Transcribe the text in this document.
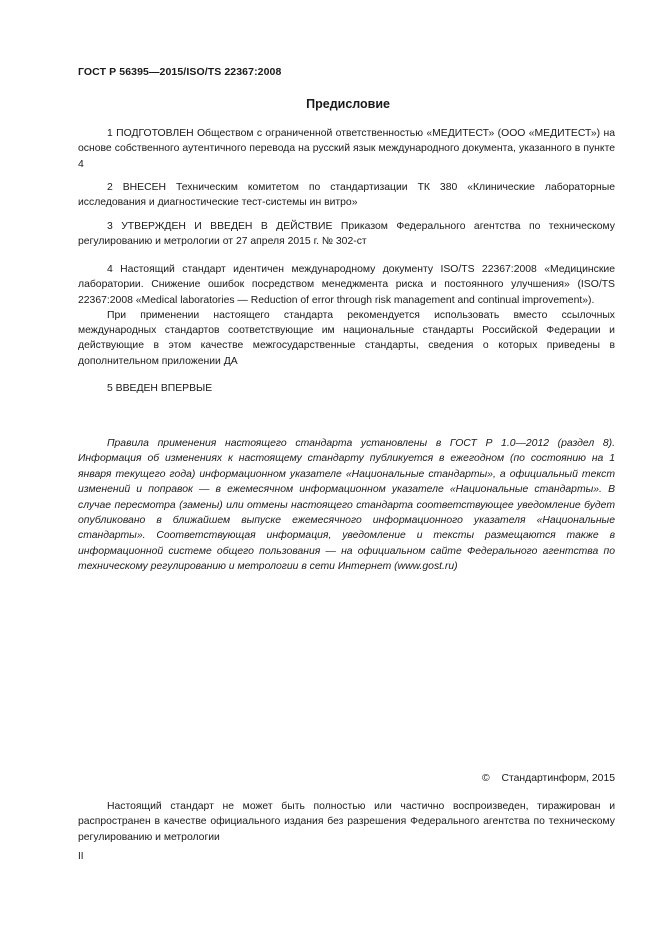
ГОСТ Р 56395—2015/ISO/TS 22367:2008
Предисловие

1 ПОДГОТОВЛЕН Обществом с ограниченной ответственностью «МЕДИТЕСТ» (ООО «МЕДИТЕСТ») на основе собственного аутентичного перевода на русский язык международного документа, указанного в пункте 4

2 ВНЕСЕН Техническим комитетом по стандартизации ТК 380 «Клинические лабораторные исследования и диагностические тест-системы ин витро»

3 УТВЕРЖДЕН И ВВЕДЕН В ДЕЙСТВИЕ Приказом Федерального агентства по техническому регулированию и метрологии от 27 апреля 2015 г. № 302-ст

4 Настоящий стандарт идентичен международному документу ISO/TS 22367:2008 «Медицинские лаборатории. Снижение ошибок посредством менеджмента риска и постоянного улучшения» (ISO/TS 22367:2008 «Medical laboratories — Reduction of error through risk management and continual improvement»).

При применении настоящего стандарта рекомендуется использовать вместо ссылочных международных стандартов соответствующие им национальные стандарты Российской Федерации и действующие в этом качестве межгосударственные стандарты, сведения о которых приведены в дополнительном приложении ДА

5 ВВЕДЕН ВПЕРВЫЕ

Правила применения настоящего стандарта установлены в ГОСТ Р 1.0—2012 (раздел 8). Информация об изменениях к настоящему стандарту публикуется в ежегодном (по состоянию на 1 января текущего года) информационном указателе «Национальные стандарты», а официальный текст изменений и поправок — в ежемесячном информационном указателе «Национальные стандарты». В случае пересмотра (замены) или отмены настоящего стандарта соответствующее уведомление будет опубликовано в ближайшем выпуске ежемесячного информационного указателя «Национальные стандарты». Соответствующая информация, уведомление и тексты размещаются также в информационной системе общего пользования — на официальном сайте Федерального агентства по техническому регулированию и метрологии в сети Интернет (www.gost.ru)

© Стандартинформ, 2015

Настоящий стандарт не может быть полностью или частично воспроизведен, тиражирован и распространен в качестве официального издания без разрешения Федерального агентства по техническому регулированию и метрологии

II
